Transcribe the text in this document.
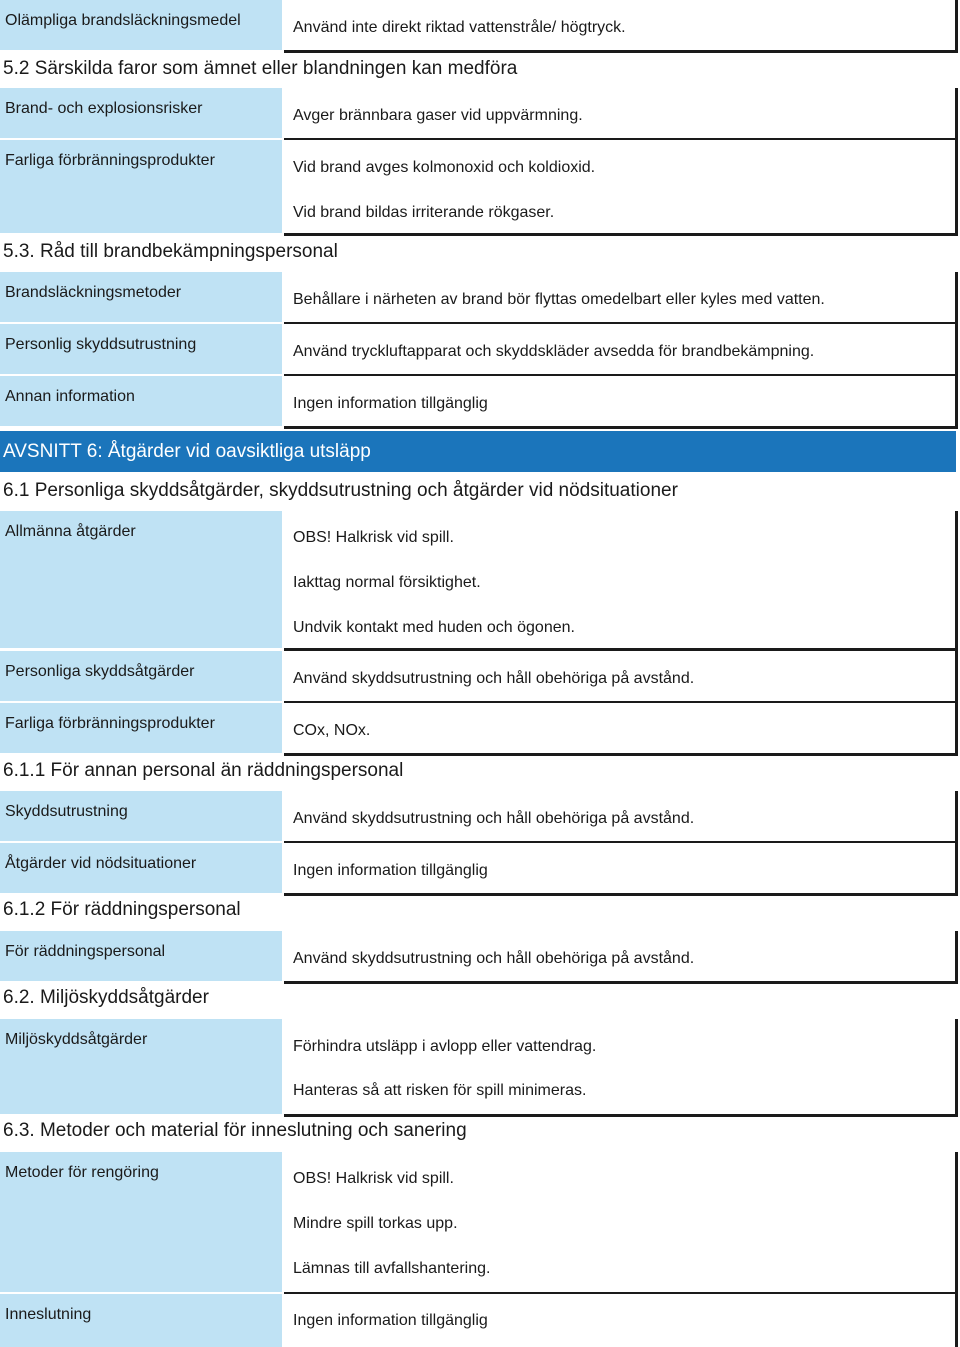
Olämpliga brandsläckningsmedel	Använd inte direkt riktad vattenstråle/ högtryck.
5.2 Särskilda faror som ämnet eller blandningen kan medföra
Brand- och explosionsrisker	Avger brännbara gaser vid uppvärmning.
Farliga förbränningsprodukter	Vid brand avges kolmonoxid och koldioxid.
Vid brand bildas irriterande rökgaser.
5.3. Råd till brandbekämpningspersonal
Brandsläckningsmetoder	Behållare i närheten av brand bör flyttas omedelbart eller kyles med vatten.
Personlig skyddsutrustning	Använd tryckluftapparat och skyddskläder avsedda för brandbekämpning.
Annan information	Ingen information tillgänglig
AVSNITT 6: Åtgärder vid oavsiktliga utsläpp
6.1 Personliga skyddsåtgärder, skyddsutrustning och åtgärder vid nödsituationer
Allmänna åtgärder	OBS! Halkrisk vid spill.
Iakttag normal försiktighet.
Undvik kontakt med huden och ögonen.
Personliga skyddsåtgärder	Använd skyddsutrustning och håll obehöriga på avstånd.
Farliga förbränningsprodukter	COx, NOx.
6.1.1 För annan personal än räddningspersonal
Skyddsutrustning	Använd skyddsutrustning och håll obehöriga på avstånd.
Åtgärder vid nödsituationer	Ingen information tillgänglig
6.1.2 För räddningspersonal
För räddningspersonal	Använd skyddsutrustning och håll obehöriga på avstånd.
6.2. Miljöskyddsåtgärder
Miljöskyddsåtgärder	Förhindra utsläpp i avlopp eller vattendrag.
Hanteras så att risken för spill minimeras.
6.3. Metoder och material för inneslutning och sanering
Metoder för rengöring	OBS! Halkrisk vid spill.
Mindre spill torkas upp.
Lämnas till avfallshantering.
Inneslutning	Ingen information tillgänglig
